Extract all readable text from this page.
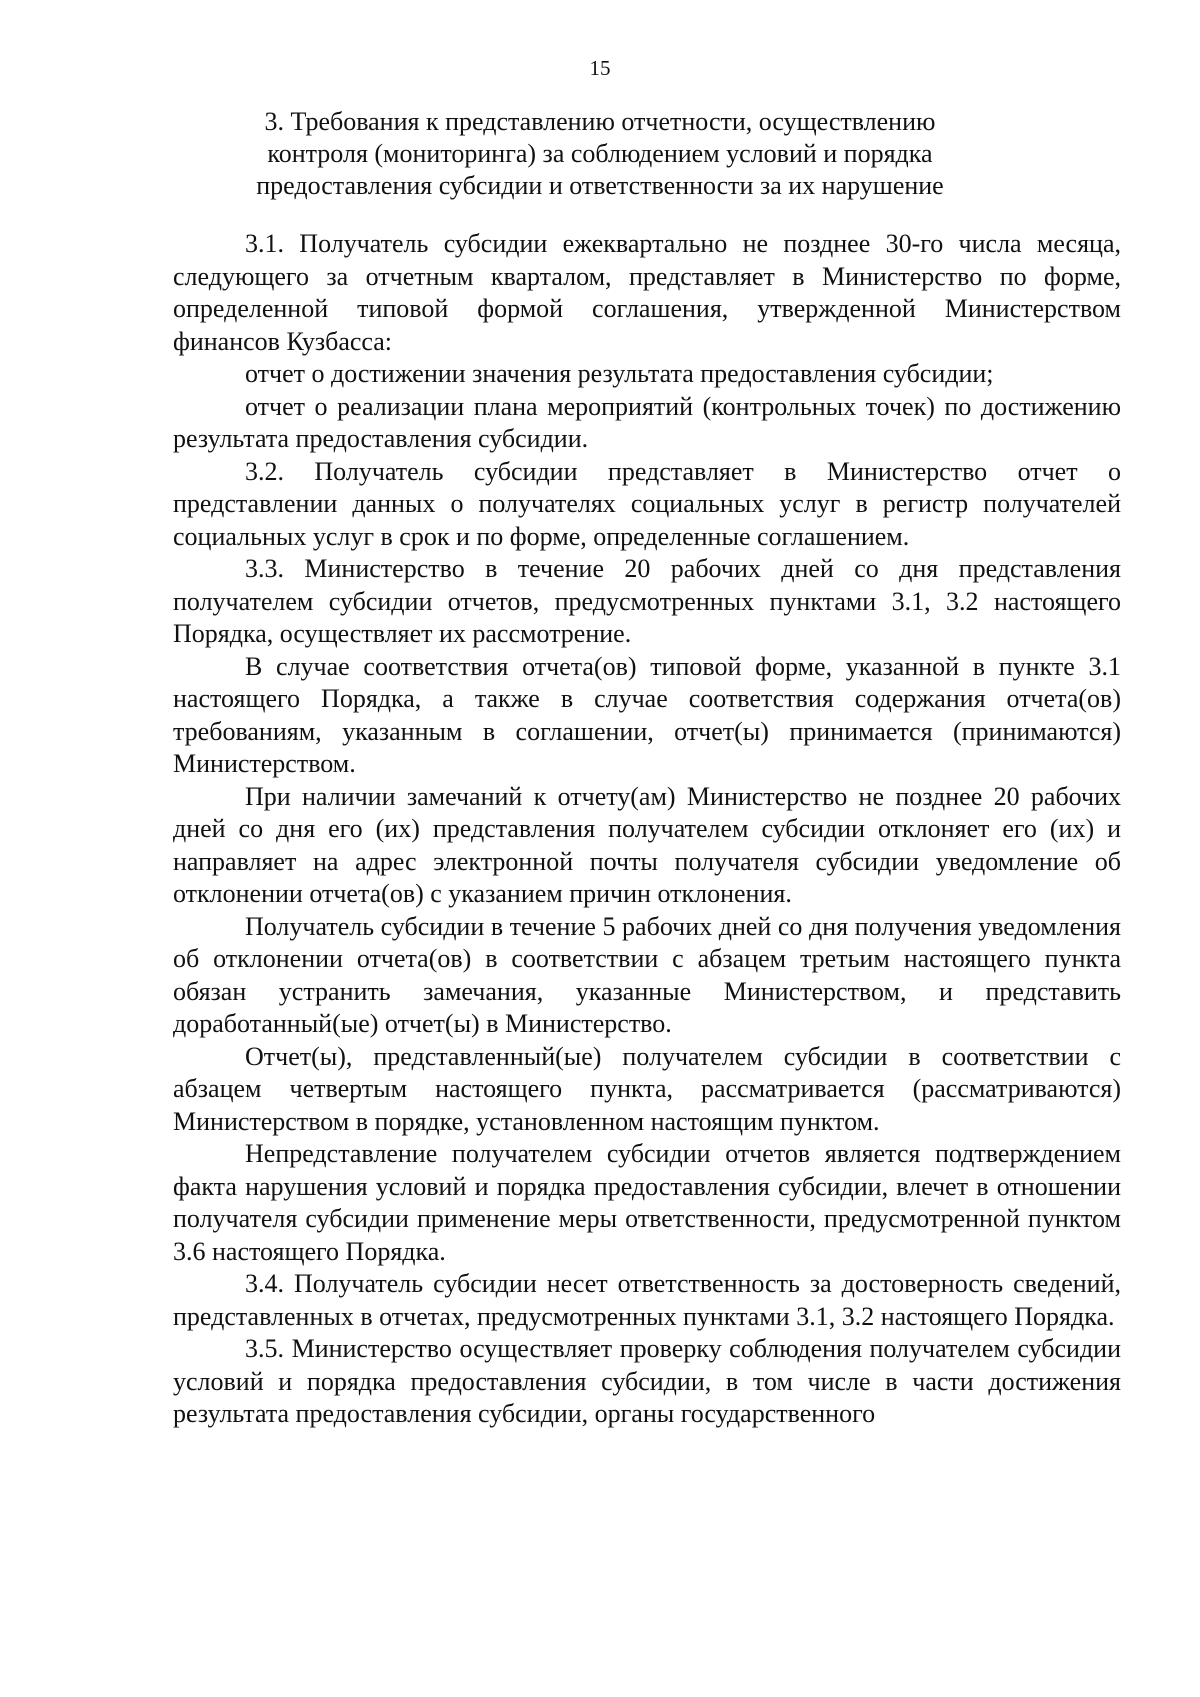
15
3. Требования к представлению отчетности, осуществлению
контроля (мониторинга) за соблюдением условий и порядка
предоставления субсидии и ответственности за их нарушение

3.1. Получатель субсидии ежеквартально не позднее 30-го числа месяца, следующего за отчетным кварталом, представляет в Министерство по форме, определенной типовой формой соглашения, утвержденной Министерством финансов Кузбасса:

отчет о достижении значения результата предоставления субсидии;

отчет о реализации плана мероприятий (контрольных точек) по достижению результата предоставления субсидии.

3.2. Получатель субсидии представляет в Министерство отчет о представлении данных о получателях социальных услуг в регистр получателей социальных услуг в срок и по форме, определенные соглашением.

3.3. Министерство в течение 20 рабочих дней со дня представления получателем субсидии отчетов, предусмотренных пунктами 3.1, 3.2 настоящего Порядка, осуществляет их рассмотрение.

В случае соответствия отчета(ов) типовой форме, указанной в пункте 3.1 настоящего Порядка, а также в случае соответствия содержания отчета(ов) требованиям, указанным в соглашении, отчет(ы) принимается (принимаются) Министерством.

При наличии замечаний к отчету(ам) Министерство не позднее 20 рабочих дней со дня его (их) представления получателем субсидии отклоняет его (их) и направляет на адрес электронной почты получателя субсидии уведомление об отклонении отчета(ов) с указанием причин отклонения.

Получатель субсидии в течение 5 рабочих дней со дня получения уведомления об отклонении отчета(ов) в соответствии с абзацем третьим настоящего пункта обязан устранить замечания, указанные Министерством, и представить доработанный(ые) отчет(ы) в Министерство.

Отчет(ы), представленный(ые) получателем субсидии в соответствии с абзацем четвертым настоящего пункта, рассматривается (рассматриваются) Министерством в порядке, установленном настоящим пунктом.

Непредставление получателем субсидии отчетов является подтверждением факта нарушения условий и порядка предоставления субсидии, влечет в отношении получателя субсидии применение меры ответственности, предусмотренной пунктом 3.6 настоящего Порядка.

3.4. Получатель субсидии несет ответственность за достоверность сведений, представленных в отчетах, предусмотренных пунктами 3.1, 3.2 настоящего Порядка.

3.5. Министерство осуществляет проверку соблюдения получателем субсидии условий и порядка предоставления субсидии, в том числе в части достижения результата предоставления субсидии, органы государственного
